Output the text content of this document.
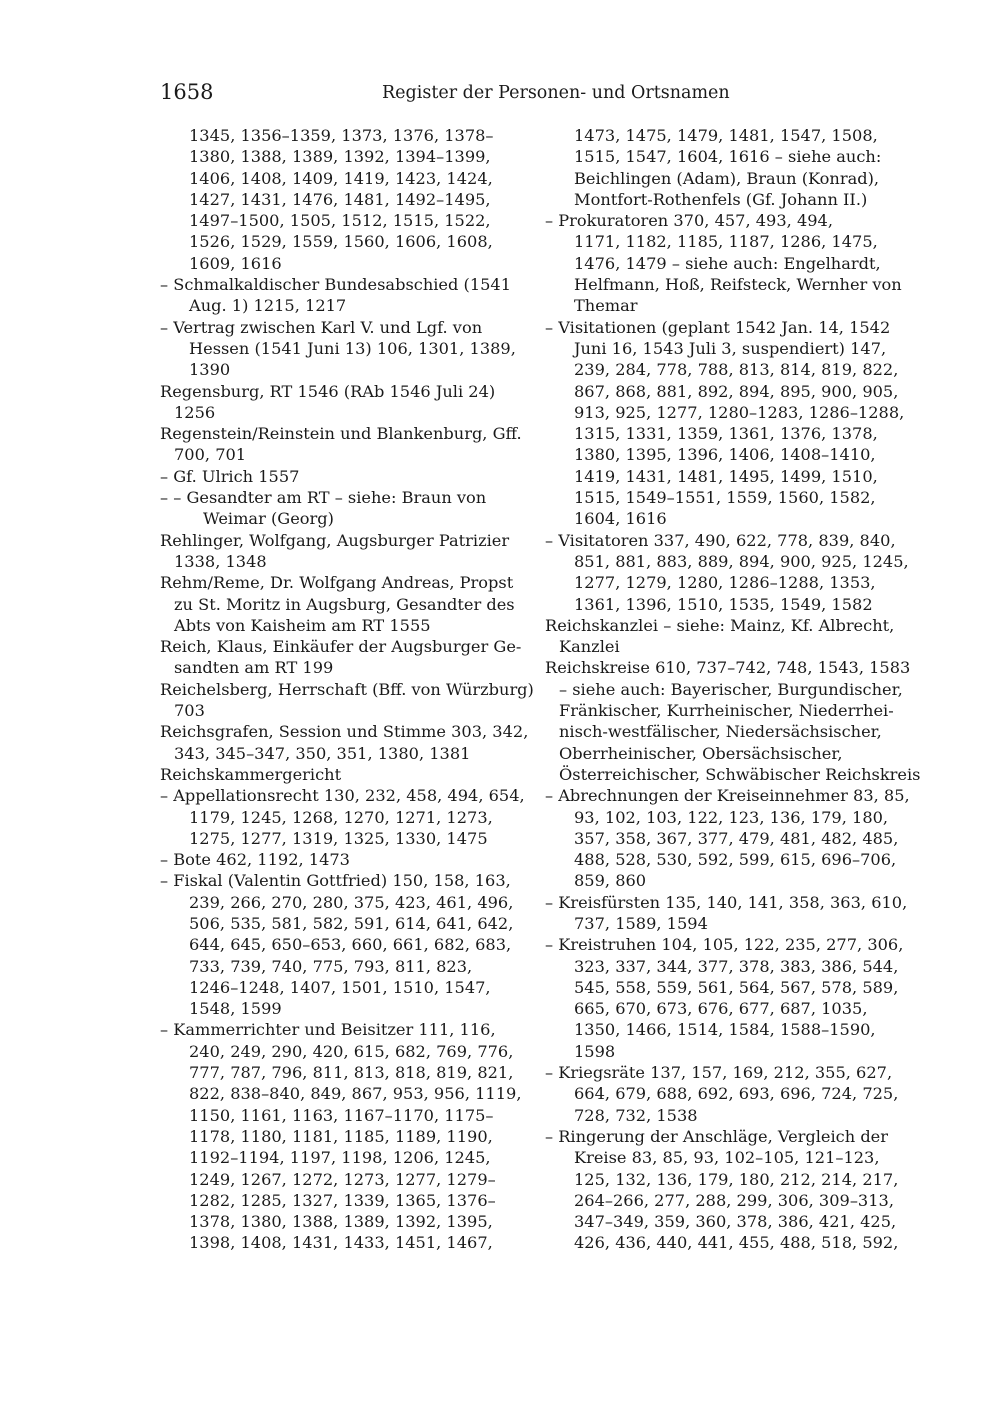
1658	Register der Personen- und Ortsnamen

1345, 1356–1359, 1373, 1376, 1378–
1380, 1388, 1389, 1392, 1394–1399,
1406, 1408, 1409, 1419, 1423, 1424,
1427, 1431, 1476, 1481, 1492–1495,
1497–1500, 1505, 1512, 1515, 1522,
1526, 1529, 1559, 1560, 1606, 1608,
1609, 1616

– Schmalkaldischer Bundesabschied (1541
Aug. 1) 1215, 1217

– Vertrag zwischen Karl V. und Lgf. von
Hessen (1541 Juni 13) 106, 1301, 1389,
1390

Regensburg, RT 1546 (RAb 1546 Juli 24)
1256

Regenstein/Reinstein und Blankenburg, Gff.
700, 701

– Gf. Ulrich 1557

– – Gesandter am RT – siehe: Braun von
Weimar (Georg)

Rehlinger, Wolfgang, Augsburger Patrizier
1338, 1348

Rehm/Reme, Dr. Wolfgang Andreas, Propst
zu St. Moritz in Augsburg, Gesandter des
Abts von Kaisheim am RT 1555

Reich, Klaus, Einkäufer der Augsburger Ge-
sandten am RT 199

Reichelsberg, Herrschaft (Bff. von Würzburg)
703

Reichsgrafen, Session und Stimme 303, 342,
343, 345–347, 350, 351, 1380, 1381

Reichskammergericht

– Appellationsrecht 130, 232, 458, 494, 654,
1179, 1245, 1268, 1270, 1271, 1273,
1275, 1277, 1319, 1325, 1330, 1475

– Bote 462, 1192, 1473

– Fiskal (Valentin Gottfried) 150, 158, 163,
239, 266, 270, 280, 375, 423, 461, 496,
506, 535, 581, 582, 591, 614, 641, 642,
644, 645, 650–653, 660, 661, 682, 683,
733, 739, 740, 775, 793, 811, 823,
1246–1248, 1407, 1501, 1510, 1547,
1548, 1599

– Kammerrichter und Beisitzer 111, 116,
240, 249, 290, 420, 615, 682, 769, 776,
777, 787, 796, 811, 813, 818, 819, 821,
822, 838–840, 849, 867, 953, 956, 1119,
1150, 1161, 1163, 1167–1170, 1175–
1178, 1180, 1181, 1185, 1189, 1190,
1192–1194, 1197, 1198, 1206, 1245,
1249, 1267, 1272, 1273, 1277, 1279–
1282, 1285, 1327, 1339, 1365, 1376–
1378, 1380, 1388, 1389, 1392, 1395,
1398, 1408, 1431, 1433, 1451, 1467,

1473, 1475, 1479, 1481, 1547, 1508,
1515, 1547, 1604, 1616 – siehe auch:
Beichlingen (Adam), Braun (Konrad),
Montfort-Rothenfels (Gf. Johann II.)

– Prokuratoren 370, 457, 493, 494,
1171, 1182, 1185, 1187, 1286, 1475,
1476, 1479 – siehe auch: Engelhardt,
Helfmann, Hoß, Reifsteck, Wernher von
Themar

– Visitationen (geplant 1542 Jan. 14, 1542
Juni 16, 1543 Juli 3, suspendiert) 147,
239, 284, 778, 788, 813, 814, 819, 822,
867, 868, 881, 892, 894, 895, 900, 905,
913, 925, 1277, 1280–1283, 1286–1288,
1315, 1331, 1359, 1361, 1376, 1378,
1380, 1395, 1396, 1406, 1408–1410,
1419, 1431, 1481, 1495, 1499, 1510,
1515, 1549–1551, 1559, 1560, 1582,
1604, 1616

– Visitatoren 337, 490, 622, 778, 839, 840,
851, 881, 883, 889, 894, 900, 925, 1245,
1277, 1279, 1280, 1286–1288, 1353,
1361, 1396, 1510, 1535, 1549, 1582

Reichskanzlei – siehe: Mainz, Kf. Albrecht,
Kanzlei

Reichskreise 610, 737–742, 748, 1543, 1583
– siehe auch: Bayerischer, Burgundischer,
Fränkischer, Kurrheinischer, Niederrhei-
nisch-westfälischer, Niedersächsischer,
Oberrheinischer, Obersächsischer,
Österreichischer, Schwäbischer Reichskreis

– Abrechnungen der Kreiseinnehmer 83, 85,
93, 102, 103, 122, 123, 136, 179, 180,
357, 358, 367, 377, 479, 481, 482, 485,
488, 528, 530, 592, 599, 615, 696–706,
859, 860

– Kreisfürsten 135, 140, 141, 358, 363, 610,
737, 1589, 1594

– Kreistruhen 104, 105, 122, 235, 277, 306,
323, 337, 344, 377, 378, 383, 386, 544,
545, 558, 559, 561, 564, 567, 578, 589,
665, 670, 673, 676, 677, 687, 1035,
1350, 1466, 1514, 1584, 1588–1590,
1598

– Kriegsräte 137, 157, 169, 212, 355, 627,
664, 679, 688, 692, 693, 696, 724, 725,
728, 732, 1538

– Ringerung der Anschläge, Vergleich der
Kreise 83, 85, 93, 102–105, 121–123,
125, 132, 136, 179, 180, 212, 214, 217,
264–266, 277, 288, 299, 306, 309–313,
347–349, 359, 360, 378, 386, 421, 425,
426, 436, 440, 441, 455, 488, 518, 592,
